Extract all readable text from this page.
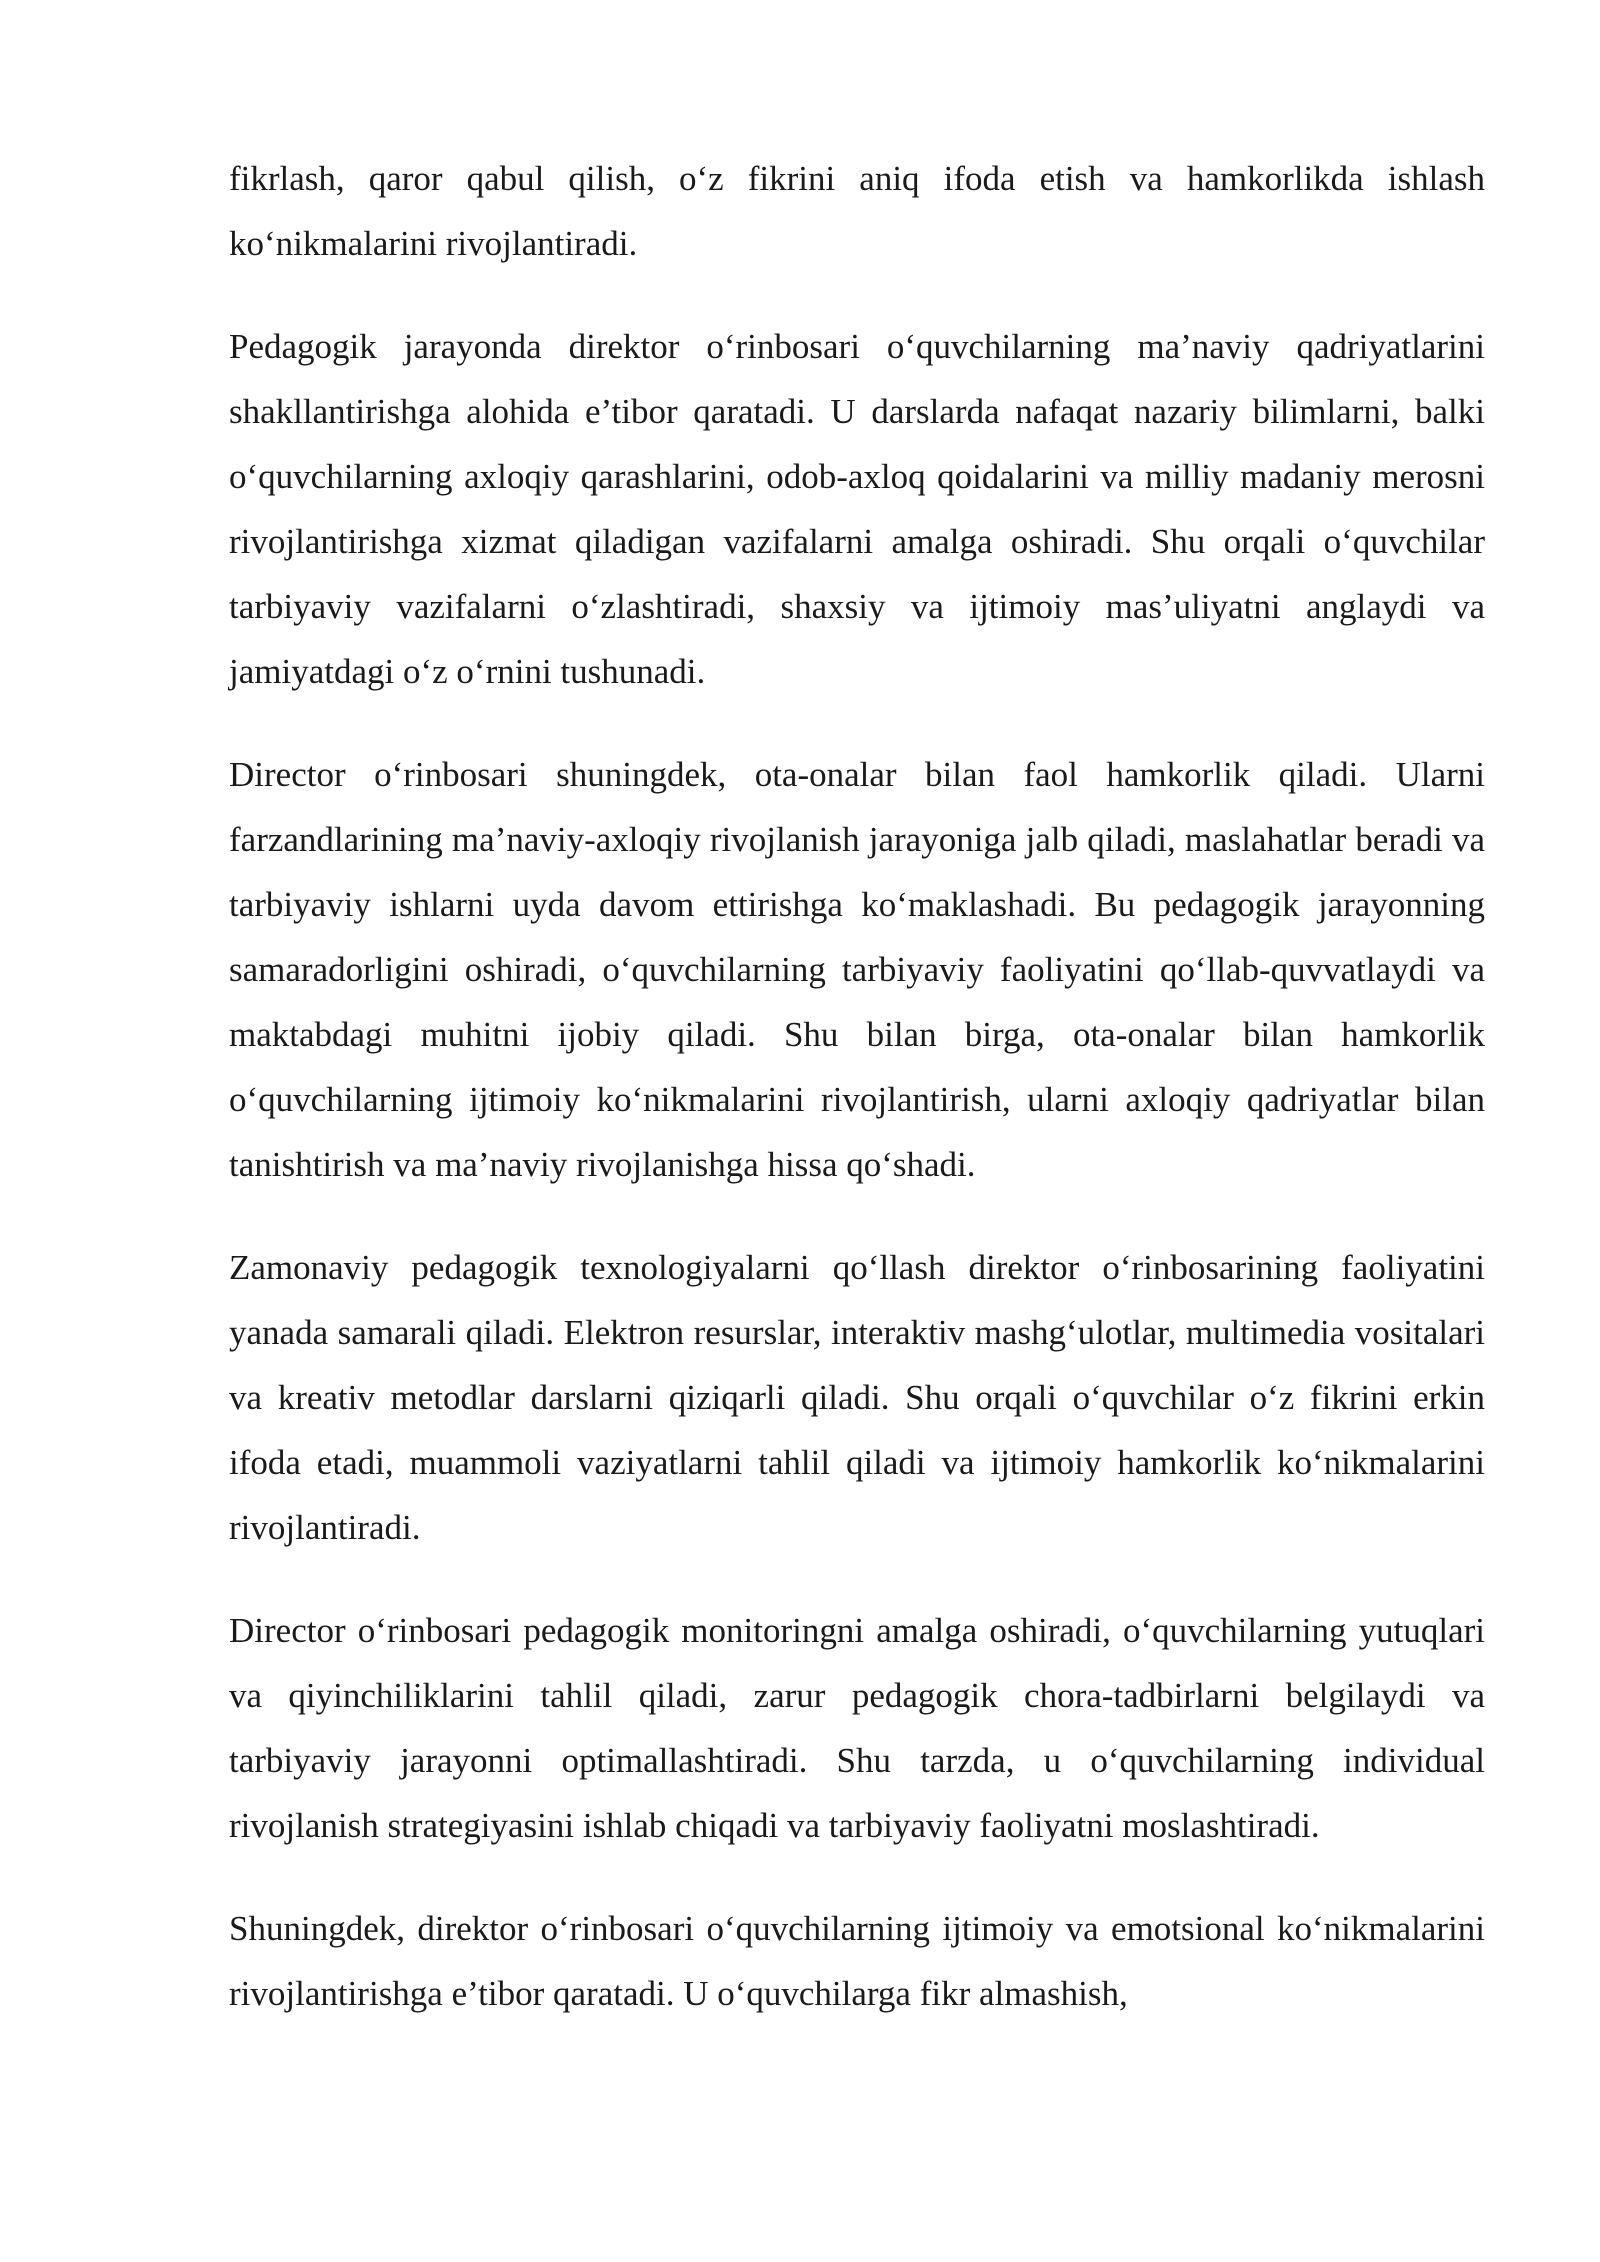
fikrlash, qaror qabul qilish, o‘z fikrini aniq ifoda etish va hamkorlikda ishlash ko‘nikmalarini rivojlantiradi.

Pedagogik jarayonda direktor o‘rinbosari o‘quvchilarning ma’naviy qadriyatlarini shakllantirishga alohida e’tibor qaratadi. U darslarda nafaqat nazariy bilimlarni, balki o‘quvchilarning axloqiy qarashlarini, odob-axloq qoidalarini va milliy madaniy merosni rivojlantirishga xizmat qiladigan vazifalarni amalga oshiradi. Shu orqali o‘quvchilar tarbiyaviy vazifalarni o‘zlashtiradi, shaxsiy va ijtimoiy mas’uliyatni anglaydi va jamiyatdagi o‘z o‘rnini tushunadi.

Director o‘rinbosari shuningdek, ota-onalar bilan faol hamkorlik qiladi. Ularni farzandlarining ma’naviy-axloqiy rivojlanish jarayoniga jalb qiladi, maslahatlar beradi va tarbiyaviy ishlarni uyda davom ettirishga ko‘maklashadi. Bu pedagogik jarayonning samaradorligini oshiradi, o‘quvchilarning tarbiyaviy faoliyatini qo‘llab-quvvatlaydi va maktabdagi muhitni ijobiy qiladi. Shu bilan birga, ota-onalar bilan hamkorlik o‘quvchilarning ijtimoiy ko‘nikmalarini rivojlantirish, ularni axloqiy qadriyatlar bilan tanishtirish va ma’naviy rivojlanishga hissa qo‘shadi.

Zamonaviy pedagogik texnologiyalarni qo‘llash direktor o‘rinbosarining faoliyatini yanada samarali qiladi. Elektron resurslar, interaktiv mashg‘ulotlar, multimedia vositalari va kreativ metodlar darslarni qiziqarli qiladi. Shu orqali o‘quvchilar o‘z fikrini erkin ifoda etadi, muammoli vaziyatlarni tahlil qiladi va ijtimoiy hamkorlik ko‘nikmalarini rivojlantiradi.

Director o‘rinbosari pedagogik monitoringni amalga oshiradi, o‘quvchilarning yutuqlari va qiyinchiliklarini tahlil qiladi, zarur pedagogik chora-tadbirlarni belgilaydi va tarbiyaviy jarayonni optimallashtiradi. Shu tarzda, u o‘quvchilarning individual rivojlanish strategiyasini ishlab chiqadi va tarbiyaviy faoliyatni moslashtiradi.

Shuningdek, direktor o‘rinbosari o‘quvchilarning ijtimoiy va emotsional ko‘nikmalarini rivojlantirishga e’tibor qaratadi. U o‘quvchilarga fikr almashish,
